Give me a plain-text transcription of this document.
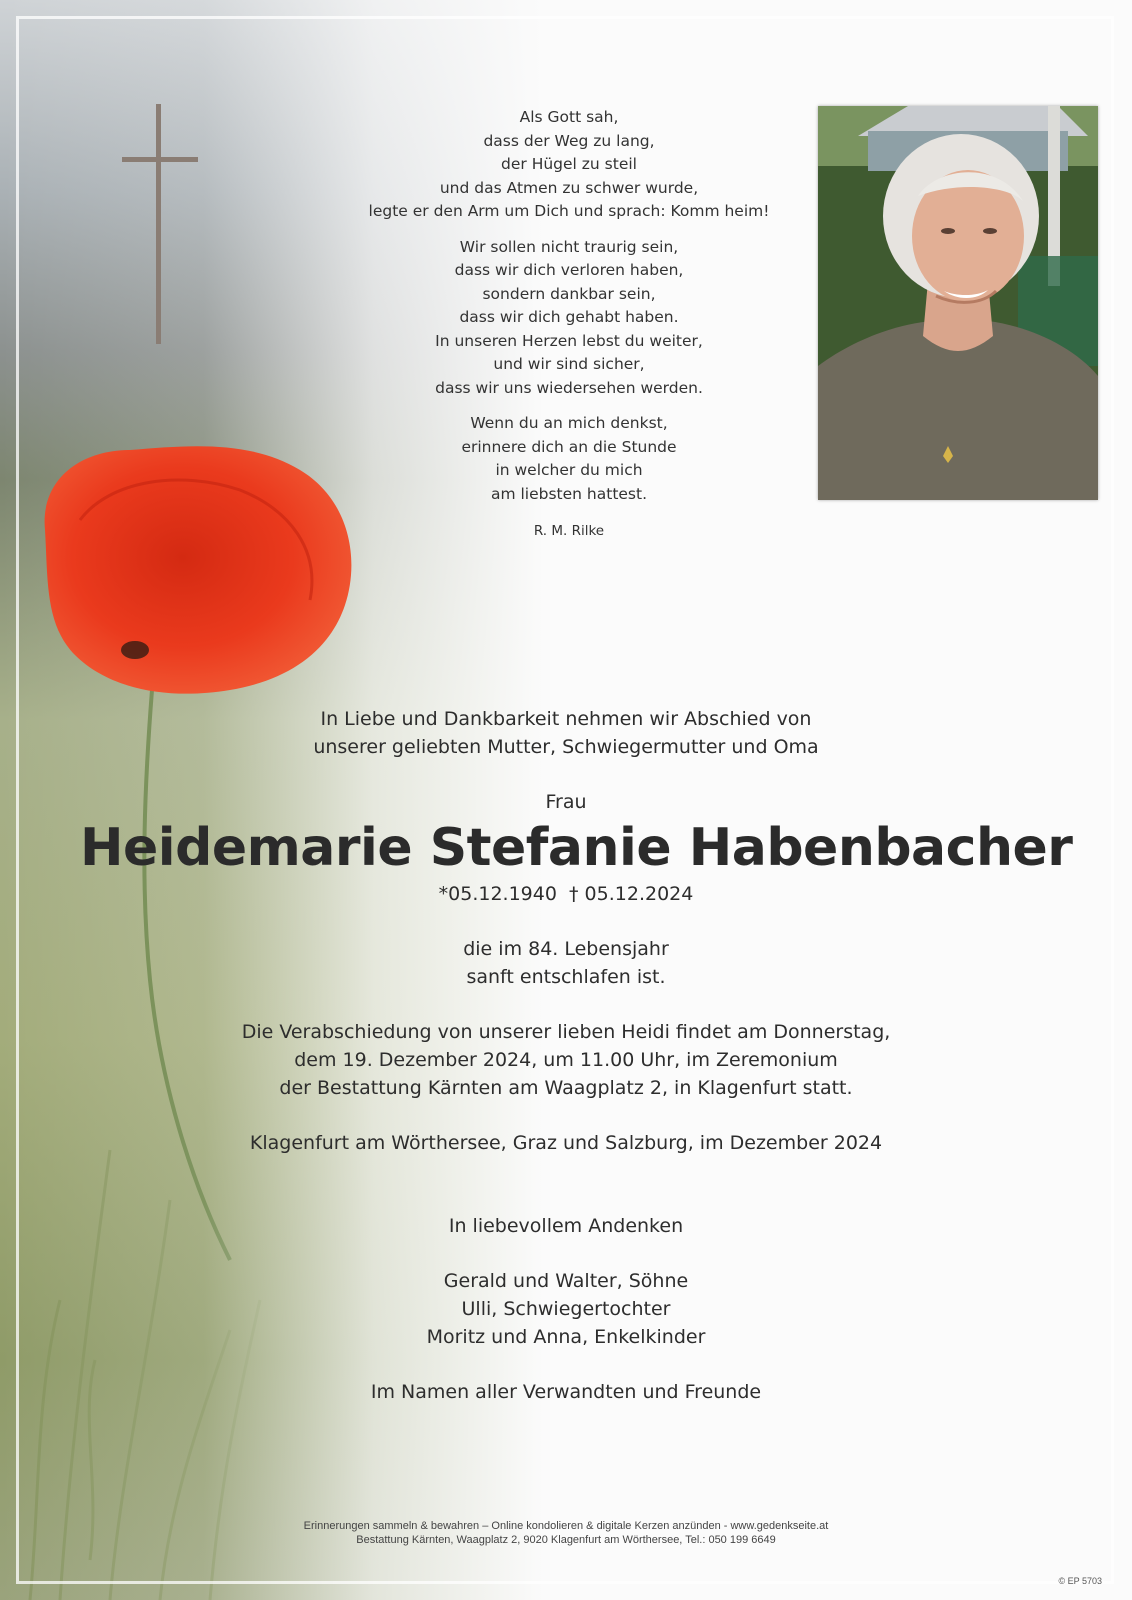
Als Gott sah,
dass der Weg zu lang,
der Hügel zu steil
und das Atmen zu schwer wurde,
legte er den Arm um Dich und sprach: Komm heim!

Wir sollen nicht traurig sein,
dass wir dich verloren haben,
sondern dankbar sein,
dass wir dich gehabt haben.
In unseren Herzen lebst du weiter,
und wir sind sicher,
dass wir uns wiedersehen werden.

Wenn du an mich denkst,
erinnere dich an die Stunde
in welcher du mich
am liebsten hattest.

R. M. Rilke
In Liebe und Dankbarkeit nehmen wir Abschied von
unserer geliebten Mutter, Schwiegermutter und Oma
Frau
Heidemarie Stefanie Habenbacher
*05.12.1940  † 05.12.2024
die im 84. Lebensjahr
sanft entschlafen ist.
Die Verabschiedung von unserer lieben Heidi findet am Donnerstag,
dem 19. Dezember 2024, um 11.00 Uhr, im Zeremonium
der Bestattung Kärnten am Waagplatz 2, in Klagenfurt statt.
Klagenfurt am Wörthersee, Graz und Salzburg, im Dezember 2024
In liebevollem Andenken
Gerald und Walter, Söhne
Ulli, Schwiegertochter
Moritz und Anna, Enkelkinder
Im Namen aller Verwandten und Freunde
Erinnerungen sammeln & bewahren – Online kondolieren & digitale Kerzen anzünden - www.gedenkseite.at
Bestattung Kärnten, Waagplatz 2, 9020 Klagenfurt am Wörthersee, Tel.: 050 199 6649
© EP 5703
